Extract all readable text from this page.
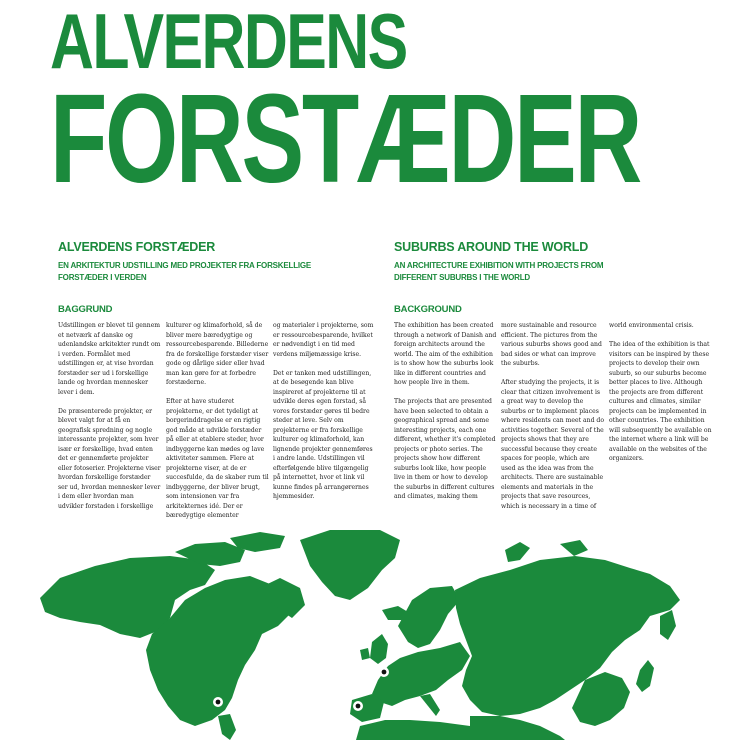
ALVERDENS
FORSTÆDER
ALVERDENS FORSTÆDER
EN ARKITEKTUR UDSTILLING MED PROJEKTER FRA FORSKELLIGE
FORSTÆDER I VERDEN
BAGGRUND

Udstillingen er blevet til gennem et netværk af danske og udenlandske arkitekter rundt om i verden. Formålet med udstillingen er, at vise hvordan forstæder ser ud i forskellige lande og hvordan mennesker lever i dem.

De præsenterede projekter, er blevet valgt for at få en geografisk spredning og nogle interessante projekter, som hver især er forskellige, hvad enten det er gennemførte projekter eller fotoserier. Projekterne viser hvordan forskellige forstæder ser ud, hvordan mennesker lever i dem eller hvordan man udvikler forstaden i forskellige

kulturer og klimaforhold, så de bliver mere bæredygtige og ressourcebesparende. Billederne fra de forskellige forstæder viser gode og dårlige sider eller hvad man kan gøre for at forbedre forstæderne.

Efter at have studeret projekterne, er det tydeligt at borgerinddragelse er en rigtig god måde at udvikle forstæder på eller at etablere steder, hvor indbyggerne kan mødes og lave aktiviteter sammen. Flere at projekterne viser, at de er succesfulde, da de skaber rum til indbyggerne, der bliver brugt, som intensionen var fra arkitekternes idé. Der er bæredygtige elementer

og materialer i projekterne, som er ressourcebesparende, hvilket er nødvendigt i en tid med verdens miljømæssige krise.

Det er tanken med udstillingen, at de besøgende kan blive inspireret af projekterne til at udvikle deres egen forstad, så vores forstæder gøres til bedre steder at leve. Selv om projekterne er fra forskellige kulturer og klimaforhold, kan lignende projekter gennemføres i andre lande. Udstillingen vil efterfølgende blive tilgængelig på internettet, hvor et link vil kunne findes på arrangørernes hjemmesider.

SUBURBS AROUND THE WORLD
AN ARCHITECTURE EXHIBITION WITH PROJECTS FROM
DIFFERENT SUBURBS I THE WORLD
BACKGROUND

The exhibition has been created through a network of Danish and foreign architects around the world. The aim of the exhibition is to show how the suburbs look like in different countries and how people live in them.

The projects that are presented have been selected to obtain a geographical spread and some interesting projects, each one different, whether it's completed projects or photo series. The projects show how different suburbs look like, how people live in them or how to develop the suburbs in different cultures and climates, making them

more sustainable and resource efficient. The pictures from the various suburbs shows good and bad sides or what can improve the suburbs.

After studying the projects, it is clear that citizen involvement is a great way to develop the suburbs or to implement places where residents can meet and do activities together. Several of the projects shows that they are successful because they create spaces for people, which are used as the idea was from the architects. There are sustainable elements and materials in the projects that save resources, which is necessary in a time of

world environmental crisis.

The idea of the exhibition is that visitors can be inspired by these projects to develop their own suburb, so our suburbs become better places to live. Although the projects are from different cultures and climates, similar projects can be implemented in other countries. The exhibition will subsequently be available on the internet where a link will be available on the websites of the organizers.
